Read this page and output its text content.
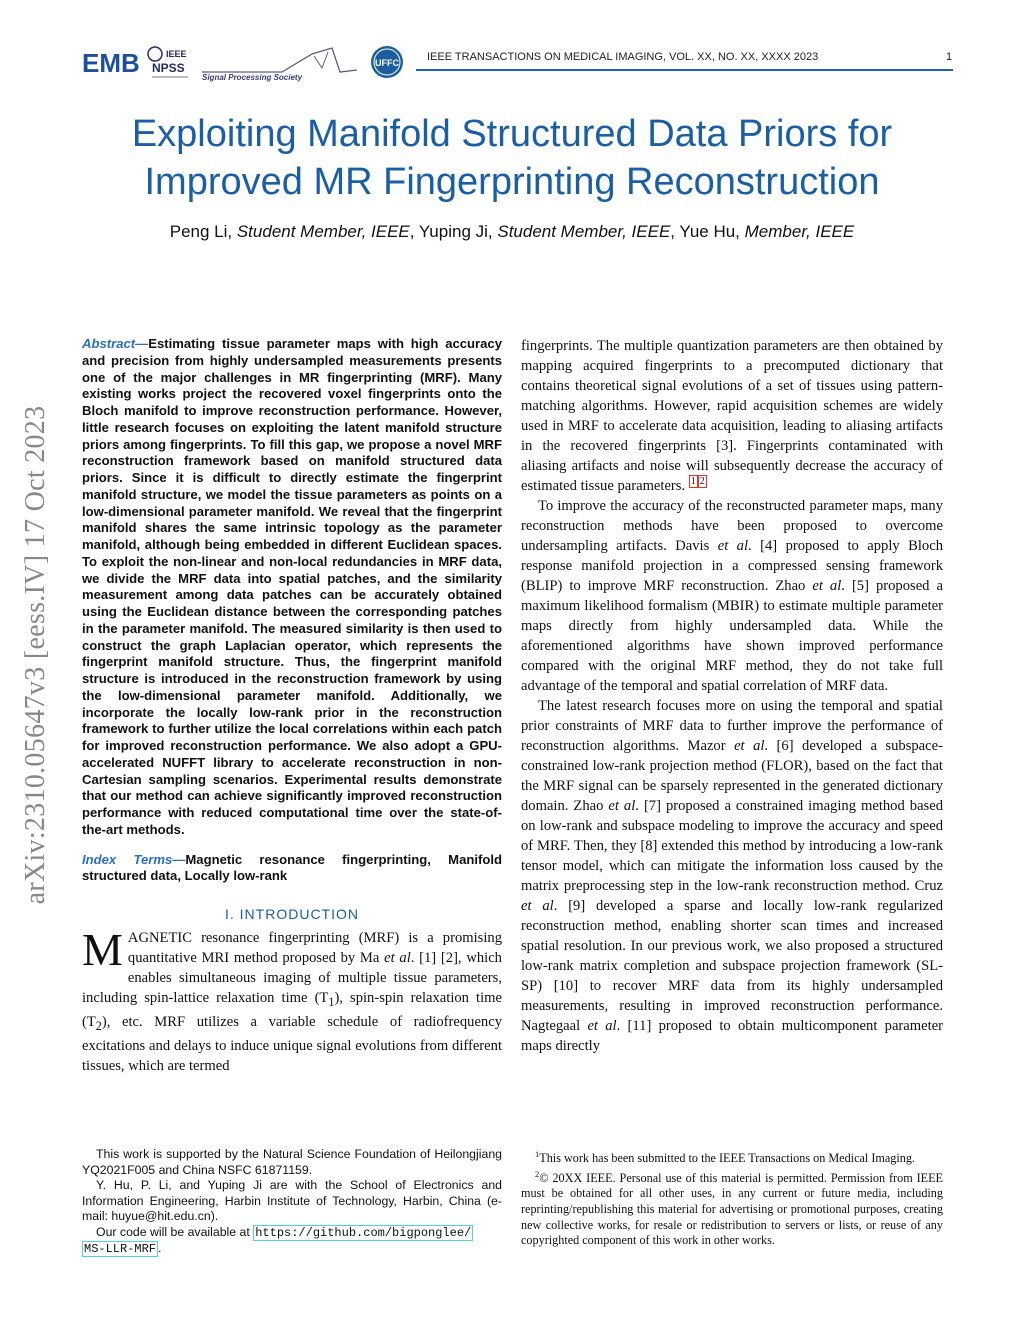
EMB	IEEE
NPSS
Signal Processing Society
UFFC	IEEE TRANSACTIONS ON MEDICAL IMAGING, VOL. XX, NO. XX, XXXX 2023	1
Exploiting Manifold Structured Data Priors for
Improved MR Fingerprinting Reconstruction
Peng Li, Student Member, IEEE, Yuping Ji, Student Member, IEEE, Yue Hu, Member, IEEE
arXiv:2310.05647v3 [eess.IV] 17 Oct 2023

Abstract—Estimating tissue parameter maps with high accuracy and precision from highly undersampled measurements presents one of the major challenges in MR fingerprinting (MRF). Many existing works project the recovered voxel fingerprints onto the Bloch manifold to improve reconstruction performance. However, little research focuses on exploiting the latent manifold structure priors among fingerprints. To fill this gap, we propose a novel MRF reconstruction framework based on manifold structured data priors. Since it is difficult to directly estimate the fingerprint manifold structure, we model the tissue parameters as points on a low-dimensional parameter manifold. We reveal that the fingerprint manifold shares the same intrinsic topology as the parameter manifold, although being embedded in different Euclidean spaces. To exploit the non-linear and non-local redundancies in MRF data, we divide the MRF data into spatial patches, and the similarity measurement among data patches can be accurately obtained using the Euclidean distance between the corresponding patches in the parameter manifold. The measured similarity is then used to construct the graph Laplacian operator, which represents the fingerprint manifold structure. Thus, the fingerprint manifold structure is introduced in the reconstruction framework by using the low-dimensional parameter manifold. Additionally, we incorporate the locally low-rank prior in the reconstruction framework to further utilize the local correlations within each patch for improved reconstruction performance. We also adopt a GPU-accelerated NUFFT library to accelerate reconstruction in non-Cartesian sampling scenarios. Experimental results demonstrate that our method can achieve significantly improved reconstruction performance with reduced computational time over the state-of-the-art methods.

Index Terms—Magnetic resonance fingerprinting, Manifold structured data, Locally low-rank

I. INTRODUCTION

MAGNETIC resonance fingerprinting (MRF) is a promising quantitative MRI method proposed by Ma et al. [1] [2], which enables simultaneous imaging of multiple tissue parameters, including spin-lattice relaxation time $(T_1)$, spin-spin relaxation time $(T_2)$, etc. MRF utilizes a variable schedule of radiofrequency excitations and delays to induce unique signal evolutions from different tissues, which are termed

This work is supported by the Natural Science Foundation of Heilongjiang YQ2021F005 and China NSFC 61871159.

Y. Hu, P. Li, and Yuping Ji are with the School of Electronics and Information Engineering, Harbin Institute of Technology, Harbin, China (e-mail: huyue@hit.edu.cn).

Our code will be available at https://github.com/bigponglee/
MS-LLR-MRF .

fingerprints. The multiple quantization parameters are then obtained by mapping acquired fingerprints to a precomputed dictionary that contains theoretical signal evolutions of a set of tissues using pattern-matching algorithms. However, rapid acquisition schemes are widely used in MRF to accelerate data acquisition, leading to aliasing artifacts in the recovered fingerprints [3]. Fingerprints contaminated with aliasing artifacts and noise will subsequently decrease the accuracy of estimated tissue parameters. $^1$ $^2$

To improve the accuracy of the reconstructed parameter maps, many reconstruction methods have been proposed to overcome undersampling artifacts. Davis et al. [4] proposed to apply Bloch response manifold projection in a compressed sensing framework (BLIP) to improve MRF reconstruction. Zhao et al. [5] proposed a maximum likelihood formalism (MBIR) to estimate multiple parameter maps directly from highly undersampled data. While the aforementioned algorithms have shown improved performance compared with the original MRF method, they do not take full advantage of the temporal and spatial correlation of MRF data.

The latest research focuses more on using the temporal and spatial prior constraints of MRF data to further improve the performance of reconstruction algorithms. Mazor et al. [6] developed a subspace-constrained low-rank projection method (FLOR), based on the fact that the MRF signal can be sparsely represented in the generated dictionary domain. Zhao et al. [7] proposed a constrained imaging method based on low-rank and subspace modeling to improve the accuracy and speed of MRF. Then, they [8] extended this method by introducing a low-rank tensor model, which can mitigate the information loss caused by the matrix preprocessing step in the low-rank reconstruction method. Cruz et al. [9] developed a sparse and locally low-rank regularized reconstruction method, enabling shorter scan times and increased spatial resolution. In our previous work, we also proposed a structured low-rank matrix completion and subspace projection framework (SL-SP) [10] to recover MRF data from its highly undersampled measurements, resulting in improved reconstruction performance. Nagtegaal et al. [11] proposed to obtain multicomponent parameter maps directly

$^1$This work has been submitted to the IEEE Transactions on Medical Imaging.

$^2$© 20XX IEEE. Personal use of this material is permitted. Permission from IEEE must be obtained for all other uses, in any current or future media, including reprinting/republishing this material for advertising or promotional purposes, creating new collective works, for resale or redistribution to servers or lists, or reuse of any copyrighted component of this work in other works.
